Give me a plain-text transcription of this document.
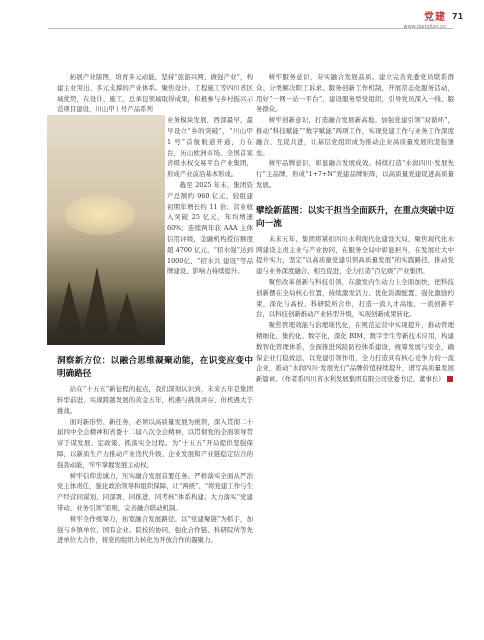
党建
www.dangjian.cn
71

拓展产业版图，培育多元动能，坚持“旅游兴网、做强产业”，构建主业突出、多元支撑的产业体系。聚焦设计、工程施工等四川省区域优势，在设计、施工、总承包领域取得成果，积极参与乡村振兴示范项目建设，川山甲丨号产品系列

业务模块发展，西部最早、最早设立“乡的突破”，“川山甲 1 号”首航航道开通，力在台，历山欧洲市场。全国首家省级水权交易平台产业集团，形成产业前沿基本形成。

截至 2025 年末，集团资产总额约 960 亿元，较组建初期年增长约 11 倍；营业收入突破 25 亿元，年均增速 60%；连续两年获 AAA 主体信用评级，金融机构授信额度超 4700 亿元，“招水强”达到1000亿、“招水共 建设”等品牌建设、影响力持续提升。

洞察新方位：以融合思维凝聚动能，在识变应变中明确路径

站在“十五五”新征程的起点，我们深刻认识到，未来五年是集团转型前进、实现跨越发展的黄金五年，机遇与挑战并存、但机遇大于挑战。

面对新形势、新任务，必须以高质量发展为统领，深入贯彻二十届四中全会精神和省委十二届八次全会精神，以贯彻党的全面领导贯穿于谋发展、定政策、抓落实全过程。为“十五五”开局提供坚强保障，以新质生产力推动产业迭代升级、企业发展和产业链稳定结合的强劲动能，牢牢掌握发展主动权。

树牢信仰忠诚力，压实融合发展首要任务。严格落实全面从严治党主体责任，强化政治领导和组织保障，让“两统”、“将党建工作与生产经营同谋划、同部署、同推进、同考核”体系构建；大力落实“党建带动、业务引领”原则，完善融合联动机制。

树牢全作统筹力，拓宽融合发展路径。以“党建聚链”为抓手，加强与乡镇单位、国有企业、院校的协同，强化合作链、科研院所等先进单位大合作，将党的组织力转化为开放合作的凝聚力。

树牢服务意识，夯实融合发展品质。建立完善党委党员联系群众、分类解决职工诉求、服务创新工作机制，开展常态化服务活动，用好“一网一站一平台”，建设服务型党组织，引导党员深入一线、服务群众。

树牢创新意识，打造融合发展新高地。加强党建引领“双循环”，推动“科技赋能”“数字赋能”两项工作，实现党建工作与业务工作深度融合、互促共进，让基层党组织成为推动企业高质量发展的坚强堡垒。

树牢品牌意识，彰显融合发展成效。持续打造“水润四川·发展先行”主品牌，形成“1+7+N”党建品牌矩阵，以高质量党建促进高质量发展。

擘绘新蓝图：以实干担当全面跃升，在重点突破中迈向一流

未来五年，集团将紧扣四川水利现代化建设大局，聚焦现代化水网建设主责主业与产业协同，在服务全局中彰显担当，在发展壮大中提升实力，坚定“以高质量党建引领高质量发展”的实践路径，推动党建与业务深度融合、相互促进，全力打造“百亿级”产业集团。

聚焦改革创新与科技引领，在激发内生动力上全面加快，把科技创新摆在全局核心位置，持续激发活力、优化资源配置、强化激励约束，深化与高校、科研院所合作，打造一流人才高地、一流创新平台，以科技创新推动产业转型升级，实现创新成果转化。

聚焦管理效能与治理现代化，在规范运营中实现提升，推动管理精细化、集约化、数字化，深化 BIM、数字孪生等新技术应用，构建数智化管理体系，全面推进风险防控体系建设，统筹发展与安全，确保企业行稳致远，以党建引领作用，全力打造具有核心竞争力的一流企业，推动“水润四川·发展先行”品牌价值持续提升，谱写高质量发展新篇章。（作者系四川省水利发展集团有限公司党委书记、董事长）
